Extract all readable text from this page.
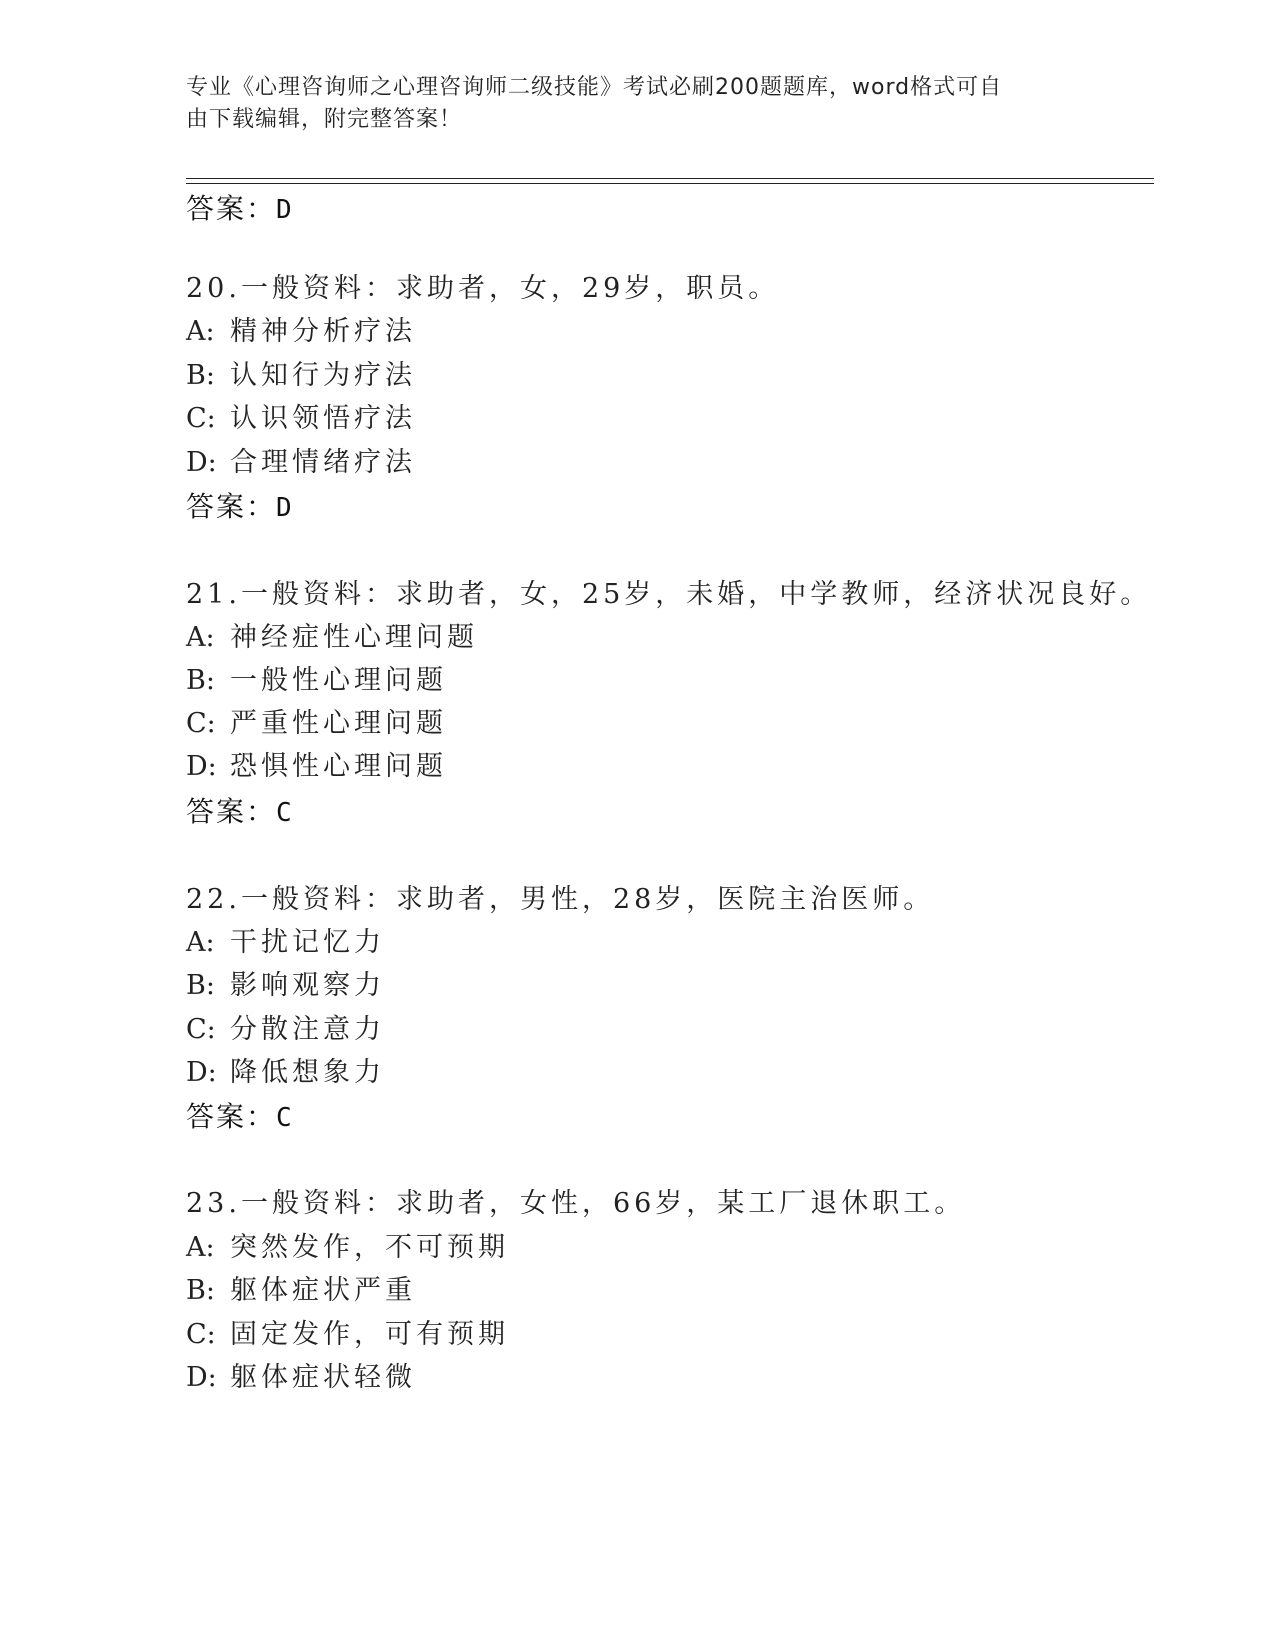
专业《心理咨询师之心理咨询师二级技能》考试必刷200题题库，word格式可自
由下载编辑，附完整答案！
答案：D
20.一般资料：求助者，女，29岁，职员。
A: 精神分析疗法
B: 认知行为疗法
C: 认识领悟疗法
D: 合理情绪疗法
答案：D
21.一般资料：求助者，女，25岁，未婚，中学教师，经济状况良好。
A: 神经症性心理问题
B: 一般性心理问题
C: 严重性心理问题
D: 恐惧性心理问题
答案：C
22.一般资料：求助者，男性，28岁，医院主治医师。
A: 干扰记忆力
B: 影响观察力
C: 分散注意力
D: 降低想象力
答案：C
23.一般资料：求助者，女性，66岁，某工厂退休职工。
A: 突然发作，不可预期
B: 躯体症状严重
C: 固定发作，可有预期
D: 躯体症状轻微
